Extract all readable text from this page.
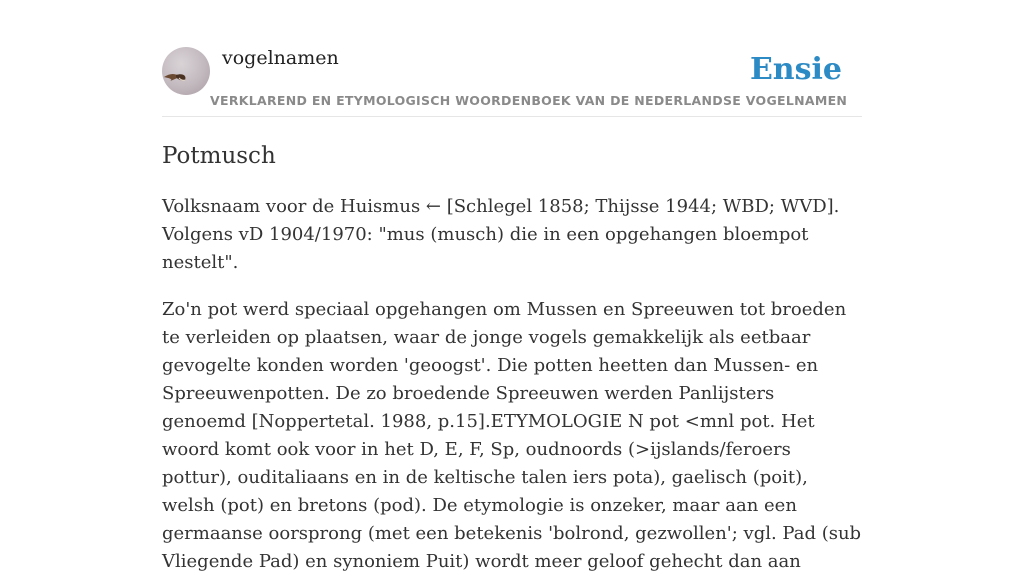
vogelnamen	Ensie
VERKLAREND EN ETYMOLOGISCH WOORDENBOEK VAN DE NEDERLANDSE VOGELNAMEN
Potmusch

Volksnaam voor de Huismus ← [Schlegel 1858; Thijsse 1944; WBD; WVD]. Volgens vD 1904/1970: "mus (musch) die in een opgehangen bloempot nestelt".

Zo'n pot werd speciaal opgehangen om Mussen en Spreeuwen tot broeden te verleiden op plaatsen, waar de jonge vogels gemakkelijk als eetbaar gevogelte konden worden 'geoogst'. Die potten heetten dan Mussen- en Spreeuwenpotten. De zo broedende Spreeuwen werden Panlijsters genoemd [Noppertetal. 1988, p.15].ETYMOLOGIE N pot <mnl pot. Het woord komt ook voor in het D, E, F, Sp, oudnoords (>ijslands/feroers pottur), ouditaliaans en in de keltische talen iers pota), gaelisch (poit), welsh (pot) en bretons (pod). De etymologie is onzeker, maar aan een germaanse oorsprong (met een betekenis 'bolrond, gezwollen'; vgl. Pad (sub Vliegende Pad) en synoniem Puit) wordt meer geloof gehecht dan aan
